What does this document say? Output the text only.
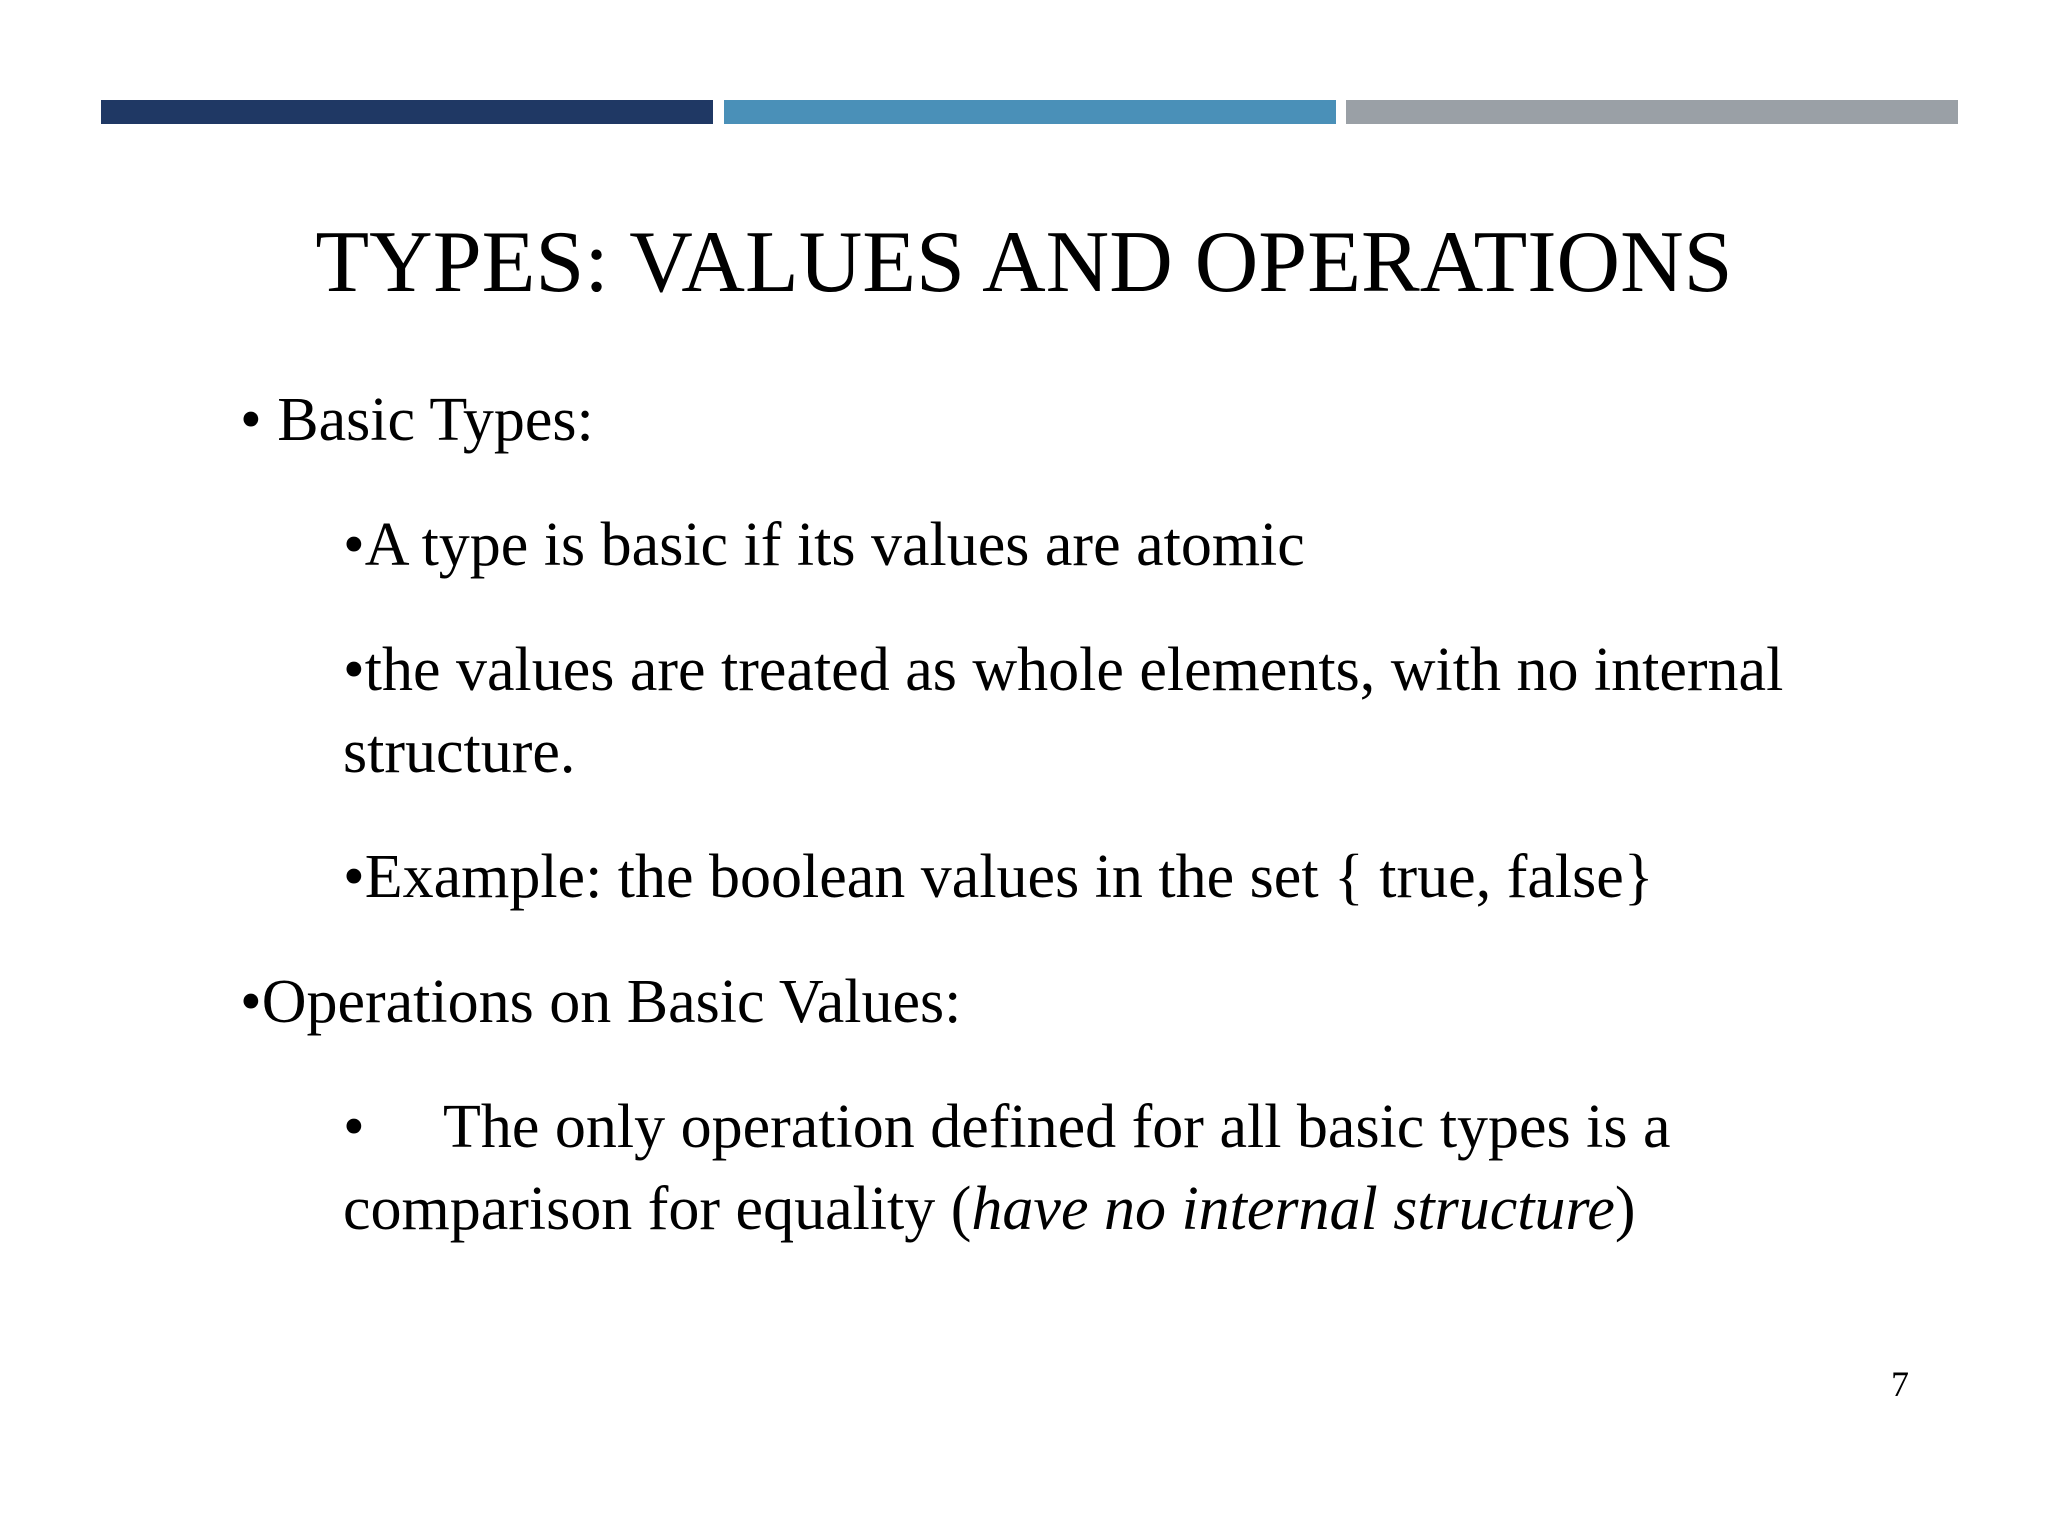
TYPES: VALUES AND OPERATIONS
• Basic Types:
•A type is basic if its values are atomic
•the values are treated as whole elements, with no internal
structure.
•Example: the boolean values in the set { true, false}
•Operations on Basic Values:
• The only operation defined for all basic types is a
comparison for equality (have no internal structure)
7
